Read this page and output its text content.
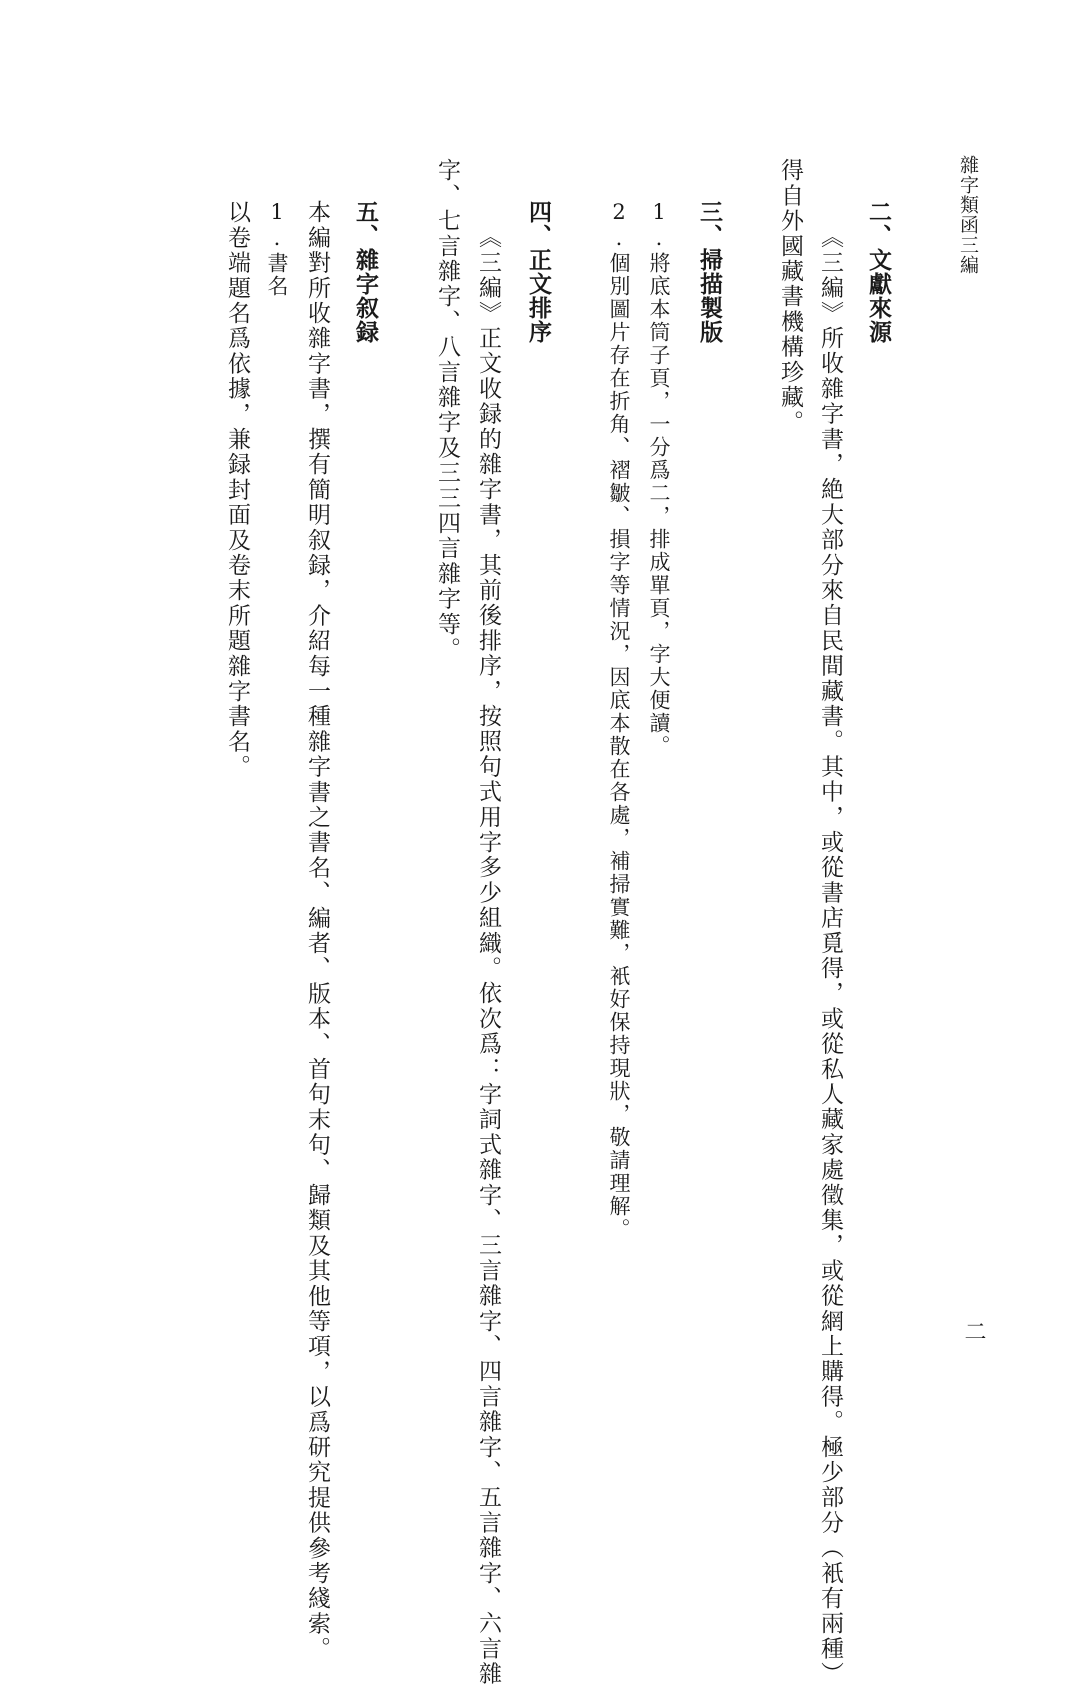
雜字類函三編
二
二、文獻來源
《三編》所收雜字書，絶大部分來自民間藏書。其中，或從書店覓得，或從私人藏家處徵集，或從網上購得。極少部分（衹有兩種）
得自外國藏書機構珍藏。
三、掃描製版
1.將底本筒子頁，一分爲二，排成單頁，字大便讀。
2.個別圖片存在折角、褶皺、損字等情況，因底本散在各處，補掃實難，衹好保持現狀，敬請理解。
四、正文排序
《三編》正文收録的雜字書，其前後排序，按照句式用字多少組織。依次爲：字詞式雜字、三言雜字、四言雜字、五言雜字、六言雜
字、七言雜字、八言雜字及三三四言雜字等。
五、雜字叙録
本編對所收雜字書，撰有簡明叙録，介紹每一種雜字書之書名、編者、版本、首句末句、歸類及其他等項，以爲研究提供參考綫索。
1.書名
以卷端題名爲依據，兼録封面及卷末所題雜字書名。
